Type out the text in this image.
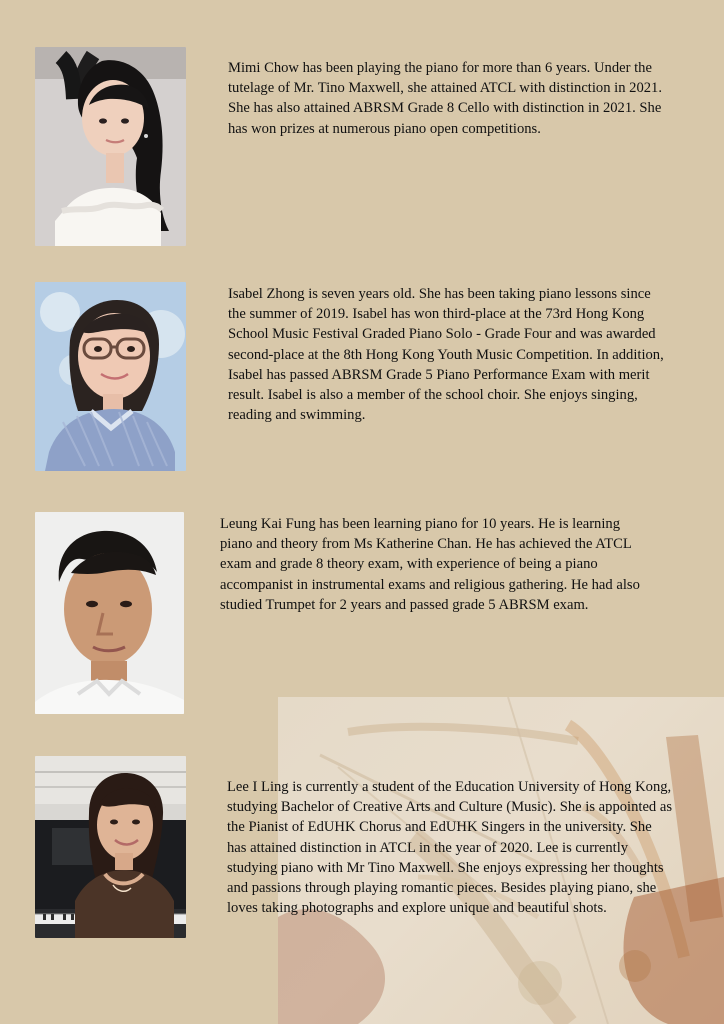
Mimi Chow has been playing the piano for more than 6 years. Under the tutelage of Mr. Tino Maxwell, she attained ATCL with distinction in 2021. She has also attained ABRSM Grade 8 Cello with distinction in 2021. She has won prizes at numerous piano open competitions.

Isabel Zhong is seven years old. She has been taking piano lessons since the summer of 2019. Isabel has won third-place at the 73rd Hong Kong School Music Festival Graded Piano Solo - Grade Four and was awarded second-place at the 8th Hong Kong Youth Music Competition. In addition, Isabel has passed ABRSM Grade 5 Piano Performance Exam with merit result. Isabel is also a member of the school choir. She enjoys singing, reading and swimming.

Leung Kai Fung has been learning piano for 10 years. He is learning piano and theory from Ms Katherine Chan. He has achieved the ATCL exam and grade 8 theory exam, with experience of being a piano accompanist in instrumental exams and religious gathering. He had also studied Trumpet for 2 years and passed grade 5 ABRSM exam.

Lee I Ling is currently a student of the Education University of Hong Kong, studying Bachelor of Creative Arts and Culture (Music). She is appointed as the Pianist of EdUHK Chorus and EdUHK Singers in the university. She has attained distinction in ATCL in the year of 2020. Lee is currently studying piano with Mr Tino Maxwell. She enjoys expressing her thoughts and passions through playing romantic pieces. Besides playing piano, she loves taking photographs and explore unique and beautiful shots.
